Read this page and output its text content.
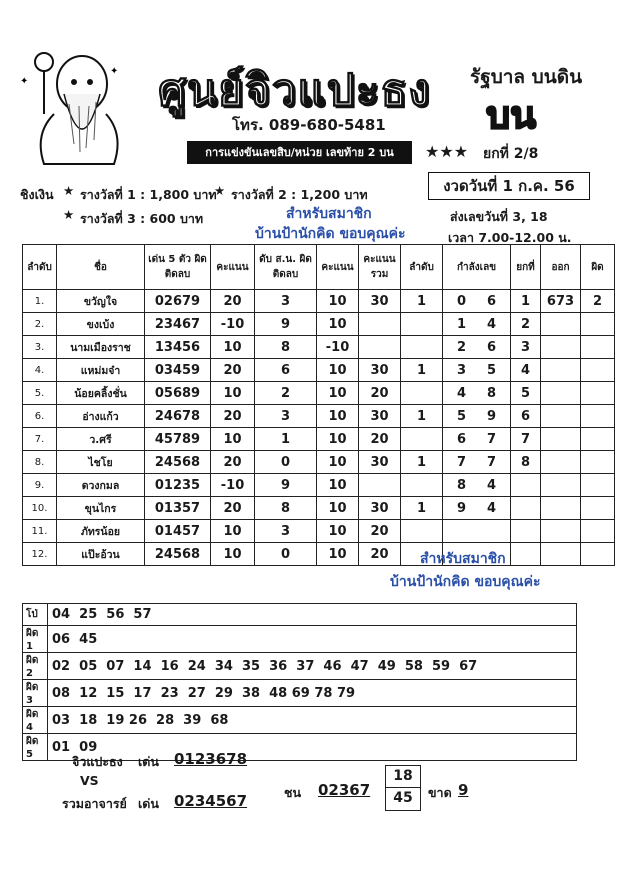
✦
✦ ศูนย์จิวแปะธง
โทร. 089-680-5481
รัฐบาล บนดิน
บน
การแข่งขันเลขสิบ/หน่วย เลขท้าย 2 บน	★★★ ยกที่ 2/8
งวดวันที่ 1 ก.ค. 56
ชิงเงิน ★ รางวัลที่ 1 : 1,800 บาท
★ รางวัลที่ 2 : 1,200 บาท
★ รางวัลที่ 3 : 600 บาท	สำหรับสมาชิก
บ้านป้านักคิด ขอบคุณค่ะ
ส่งเลขวันที่ 3, 18
เวลา 7.00-12.00 น.
ลำดับ	ชื่อ	เด่น 5 ตัว ผิดติดลบ	คะแนน	ดับ ส.น. ผิดติดลบ	คะแนน	คะแนน รวม	ลำดับ	กำลังเลข	ยกที่	ออก	ผิด
1.	ขวัญใจ	02679	20	3	10	30	1	0 6	1	673	2
2.	ขงเบ้ง	23467	-10	9	10			1 4	2		
3.	นามเมืองราช	13456	10	8	-10			2 6	3		
4.	แหม่มจ๋า	03459	20	6	10	30	1	3 5	4		
5.	น้อยคลิ้งชั่น	05689	10	2	10	20		4 8	5		
6.	อ่างแก้ว	24678	20	3	10	30	1	5 9	6		
7.	ว.ศรี	45789	10	1	10	20		6 7	7		
8.	ไชโย	24568	20	0	10	30	1	7 7	8		
9.	ดวงกมล	01235	-10	9	10			8 4			
10.	ขุนไกร	01357	20	8	10	30	1	9 4			
11.	ภัทรน้อย	01457	10	3	10	20					
12.	แป๊ะอ้วน	24568	10	0	10	20					สำหรับสมาชิก
บ้านป้านักคิด ขอบคุณค่ะ
โป่	04  25  56  57
ผิด 1	06  45
ผิด 2	02  05  07  14  16  24  34  35  36  37  46  47  49  58  59  67
ผิด 3	08  12  15  17  23  27  29  38  48 69 78 79
ผิด 4	03  18  19 26  28  39  68
ผิด 5	01  09
จิวแปะธง เด่น 0123678
VS
รวมอาจารย์ เด่น 0234567	ชน 02367
18
45	ขาด 9
